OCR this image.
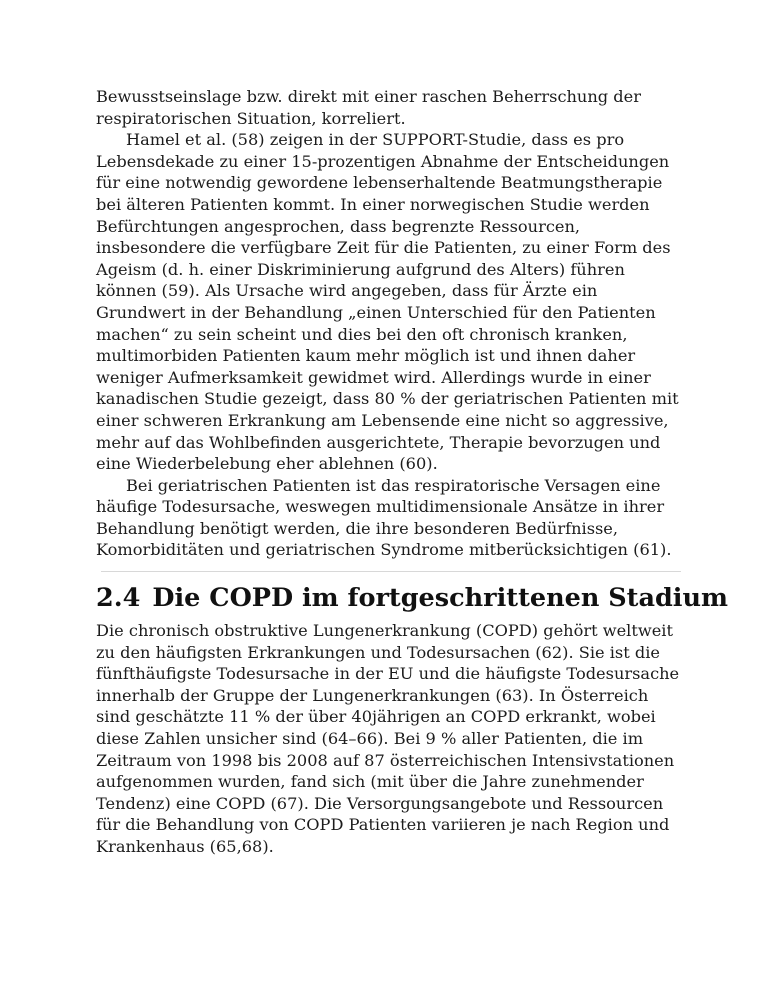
Bewusstseinslage bzw. direkt mit einer raschen Beherrschung der respiratorischen Situation, korreliert.

Hamel et al. (58) zeigen in der SUPPORT-Studie, dass es pro Lebensdekade zu einer 15-prozentigen Abnahme der Entscheidungen für eine notwendig gewordene lebenserhaltende Beatmungstherapie bei älteren Patienten kommt. In einer norwegischen Studie werden Befürchtungen angesprochen, dass begrenzte Ressourcen, insbesondere die verfügbare Zeit für die Patienten, zu einer Form des Ageism (d. h. einer Diskriminierung aufgrund des Alters) führen können (59). Als Ursache wird angegeben, dass für Ärzte ein Grundwert in der Behandlung „einen Unterschied für den Patienten machen“ zu sein scheint und dies bei den oft chronisch kranken, multimorbiden Patienten kaum mehr möglich ist und ihnen daher weniger Aufmerksamkeit gewidmet wird. Allerdings wurde in einer kanadischen Studie gezeigt, dass 80 % der geriatrischen Patienten mit einer schweren Erkrankung am Lebensende eine nicht so aggressive, mehr auf das Wohlbefinden ausgerichtete, Therapie bevorzugen und eine Wiederbelebung eher ablehnen (60).

Bei geriatrischen Patienten ist das respiratorische Versagen eine häufige Todesursache, weswegen multidimensionale Ansätze in ihrer Behandlung benötigt werden, die ihre besonderen Bedürfnisse, Komorbiditäten und geriatrischen Syndrome mitberücksichtigen (61).

2.4 Die COPD im fortgeschrittenen Stadium

Die chronisch obstruktive Lungenerkrankung (COPD) gehört weltweit zu den häufigsten Erkrankungen und Todesursachen (62). Sie ist die fünfthäufigste Todesursache in der EU und die häufigste Todesursache innerhalb der Gruppe der Lungenerkrankungen (63). In Österreich sind geschätzte 11 % der über 40jährigen an COPD erkrankt, wobei diese Zahlen unsicher sind (64–66). Bei 9 % aller Patienten, die im Zeitraum von 1998 bis 2008 auf 87 österreichischen Intensivstationen aufgenommen wurden, fand sich (mit über die Jahre zunehmender Tendenz) eine COPD (67). Die Versorgungsangebote und Ressourcen für die Behandlung von COPD Patienten variieren je nach Region und Krankenhaus (65,68).
